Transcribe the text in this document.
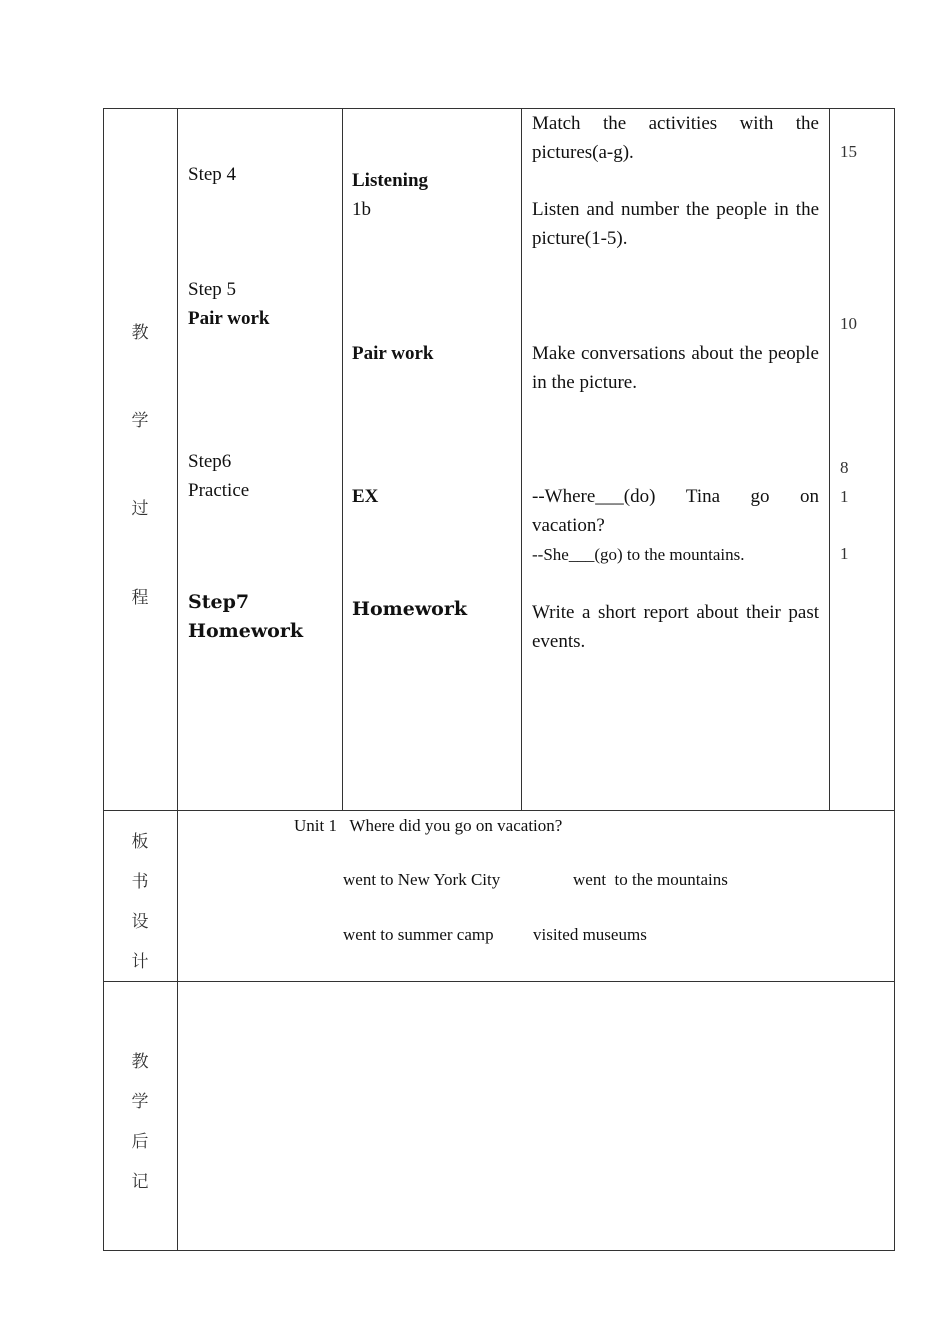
教
学
过
程
Step 4
Step 5
Pair work
Step6
Practice
Step7
Homework
Listening
1b
Pair work
EX
Homework
Match the activities with the pictures(a-g).
Listen and number the people in the picture(1-5).
Make conversations about the people in the picture.
--Where___(do) Tina go on
vacation?
--She___(go) to the mountains.
Write a short report about their past events.
15
10
8
1
1
板
书
设
计
Unit 1   Where did you go on vacation?
went to New York City	went  to the mountains
went to summer camp visited museums
教
学
后
记
